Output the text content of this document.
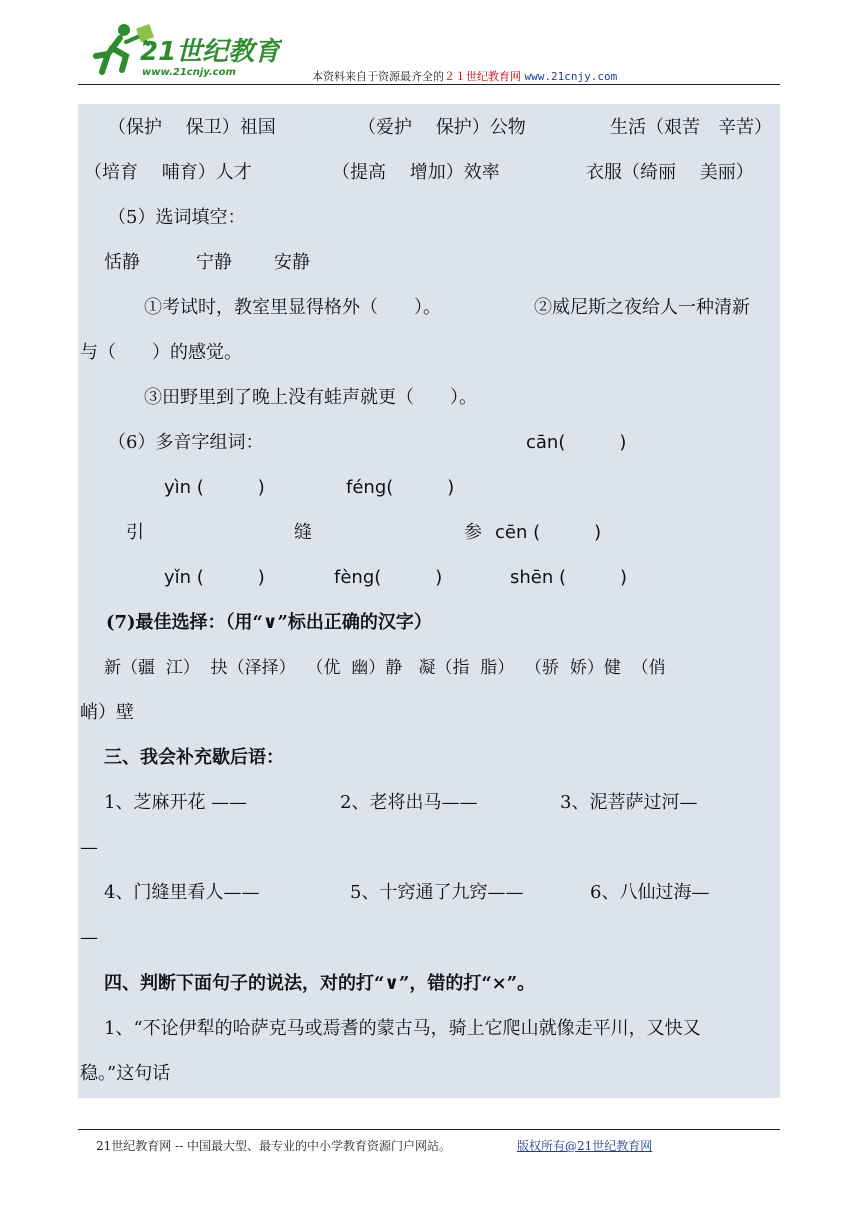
21世纪教育
www.21cnjy.com	本资料来自于资源最齐全的２１世纪教育网 www.21cnjy.com
（保护　 保卫）祖国	（爱护　 保护）公物	生活（艰苦　辛苦）
（培育　 哺育）人才	（提高　 增加）效率	衣服（绮丽　 美丽）
（5）选词填空：
恬静	宁静 安静
①考试时，教室里显得格外（　　）。	②威尼斯之夜给人一种清新
与（　　）的感觉。
③田野里到了晚上没有蛙声就更（　　）。
（6）多音字组词：	cān(　　　)
yìn (　　　)	féng(　　　)
引	缝	参 cēn (　　　)
yǐn (　　　)	fèng(　　　)	shēn (　　　)
(7)最佳选择：（用“∨”标出正确的汉字）
新（疆  江）  抉（泽择）  （优  幽）静   凝（指  脂）  （骄  娇）健  （俏
峭）壁
三、我会补充歇后语：
1、芝麻开花 ——	2、老将出马——	3、泥菩萨过河—
—
4、门缝里看人——	5、十窍通了九窍——	6、八仙过海—
—
四、判断下面句子的说法，对的打“∨”，错的打“×”。
1、“不论伊犁的哈萨克马或焉耆的蒙古马，骑上它爬山就像走平川，又快又
稳。”这句话
21世纪教育网 -- 中国最大型、最专业的中小学教育资源门户网站。	版权所有@21世纪教育网
